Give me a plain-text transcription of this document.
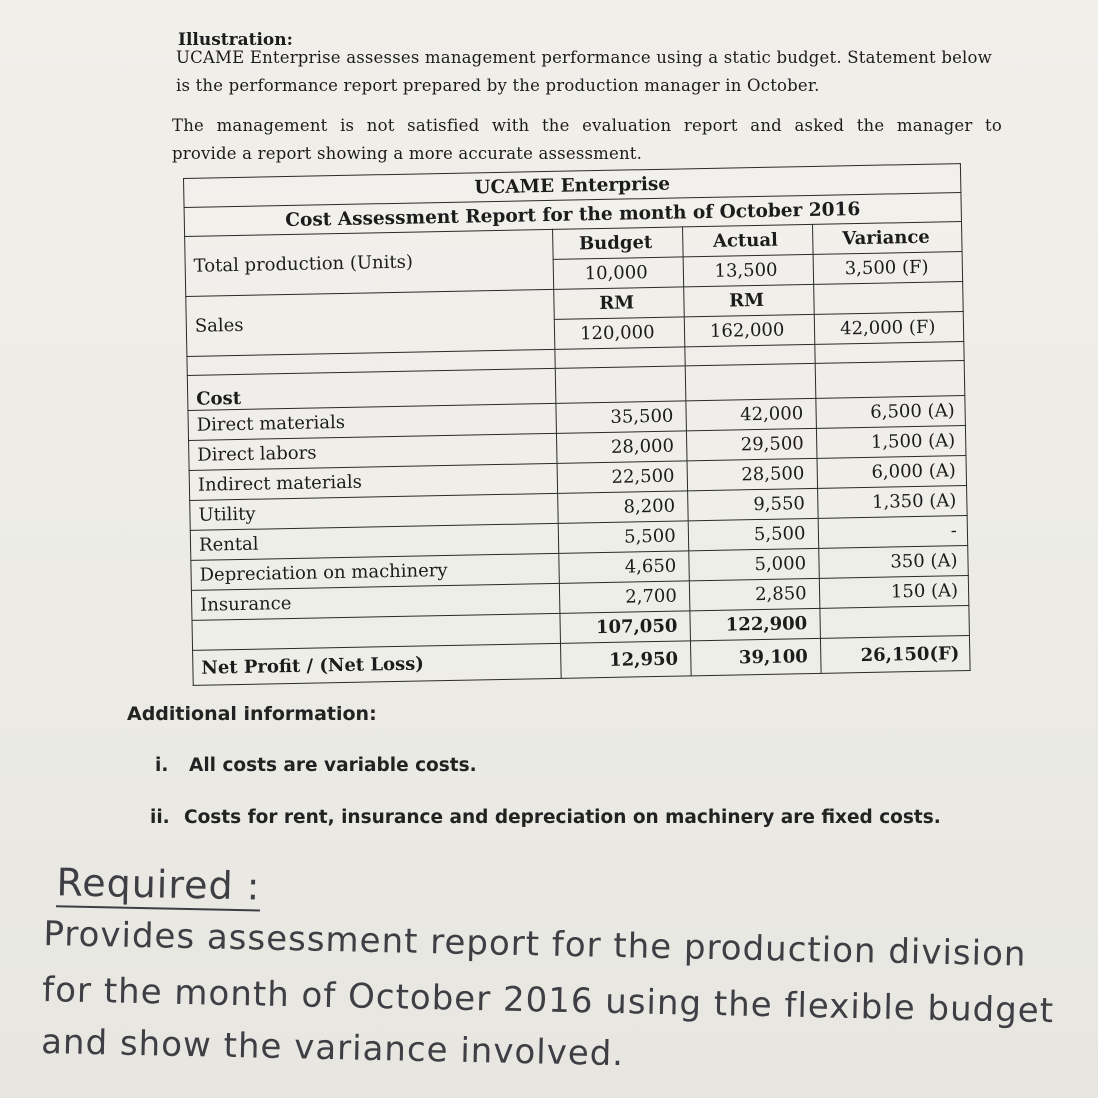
Illustration:
UCAME Enterprise assesses management performance using a static budget. Statement below is the performance report prepared by the production manager in October.
The management is not satisfied with the evaluation report and asked the manager to
provide a report showing a more accurate assessment.
UCAME Enterprise			
Cost Assessment Report for the month of October 2016			
Total production (Units)	Budget	Actual	Variance
	10,000	13,500	3,500 (F)
Sales	RM	RM	
	120,000	162,000	42,000 (F)

Cost			
Direct materials	35,500	42,000	6,500 (A)
Direct labors	28,000	29,500	1,500 (A)
Indirect materials	22,500	28,500	6,000 (A)
Utility	8,200	9,550	1,350 (A)
Rental	5,500	5,500	-
Depreciation on machinery	4,650	5,000	350 (A)
Insurance	2,700	2,850	150 (A)
	107,050	122,900	
Net Profit / (Net Loss)	12,950	39,100	26,150(F)
Additional information:
i. All costs are variable costs.
ii. Costs for rent, insurance and depreciation on machinery are fixed costs.
Required :
Provides assessment report for the production division
for the month of October 2016 using the flexible budget
and show the variance involved.
